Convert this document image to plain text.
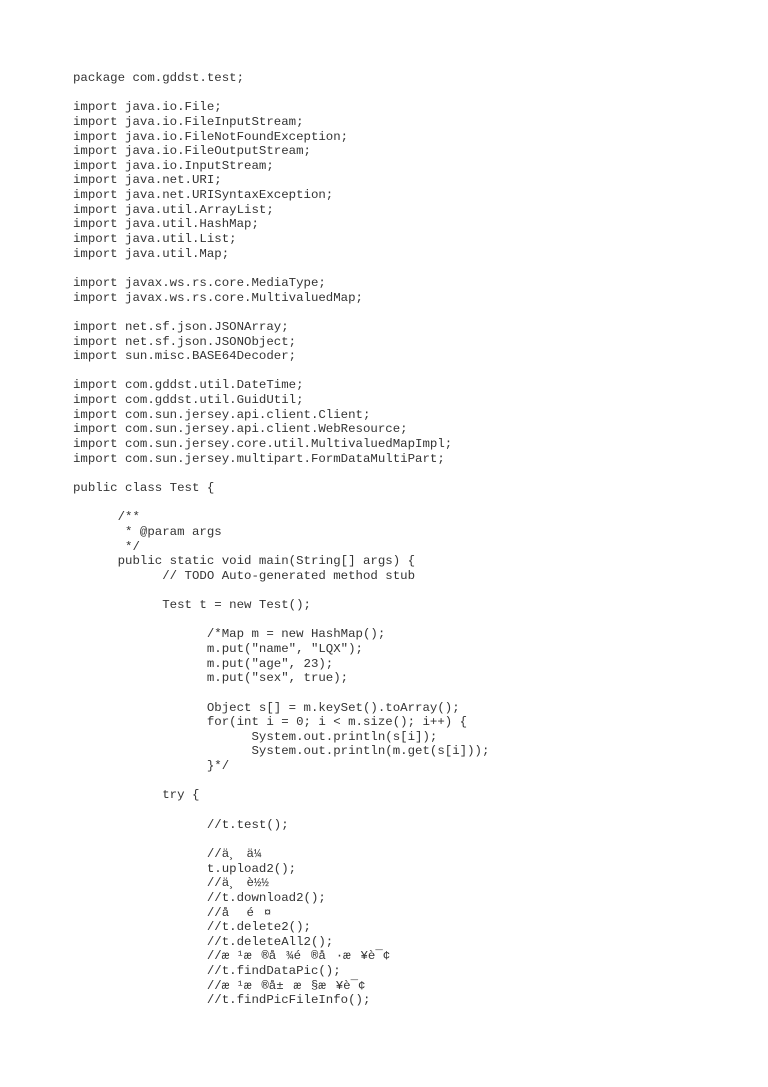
package com.gddst.test;
import java.io.File;
import java.io.FileInputStream;
import java.io.FileNotFoundException;
import java.io.FileOutputStream;
import java.io.InputStream;
import java.net.URI;
import java.net.URISyntaxException;
import java.util.ArrayList;
import java.util.HashMap;
import java.util.List;
import java.util.Map;
import javax.ws.rs.core.MediaType;
import javax.ws.rs.core.MultivaluedMap;
import net.sf.json.JSONArray;
import net.sf.json.JSONObject;
import sun.misc.BASE64Decoder;
import com.gddst.util.DateTime;
import com.gddst.util.GuidUtil;
import com.sun.jersey.api.client.Client;
import com.sun.jersey.api.client.WebResource;
import com.sun.jersey.core.util.MultivaluedMapImpl;
import com.sun.jersey.multipart.FormDataMultiPart;
public class Test {
/**
* @param args
*/
public static void main(String[] args) {
// TODO Auto-generated method stub
Test t = new Test();
/*Map m = new HashMap();
m.put("name", "LQX");
m.put("age", 23);
m.put("sex", true);
Object s[] = m.keySet().toArray();
for(int i = 0; i < m.size(); i++) {
System.out.println(s[i]);
System.out.println(m.get(s[i]));
}*/
try {
//t.test();
//ä¸ä¼
t.upload2();
//ä¸è½½
//t.download2();
//å é¤
//t.delete2();
//t.deleteAll2();
//æ ¹æ®å¾é®å·æ¥è¯¢
//t.findDataPic();
//æ ¹æ®å±æ§æ¥è¯¢
//t.findPicFileInfo();
